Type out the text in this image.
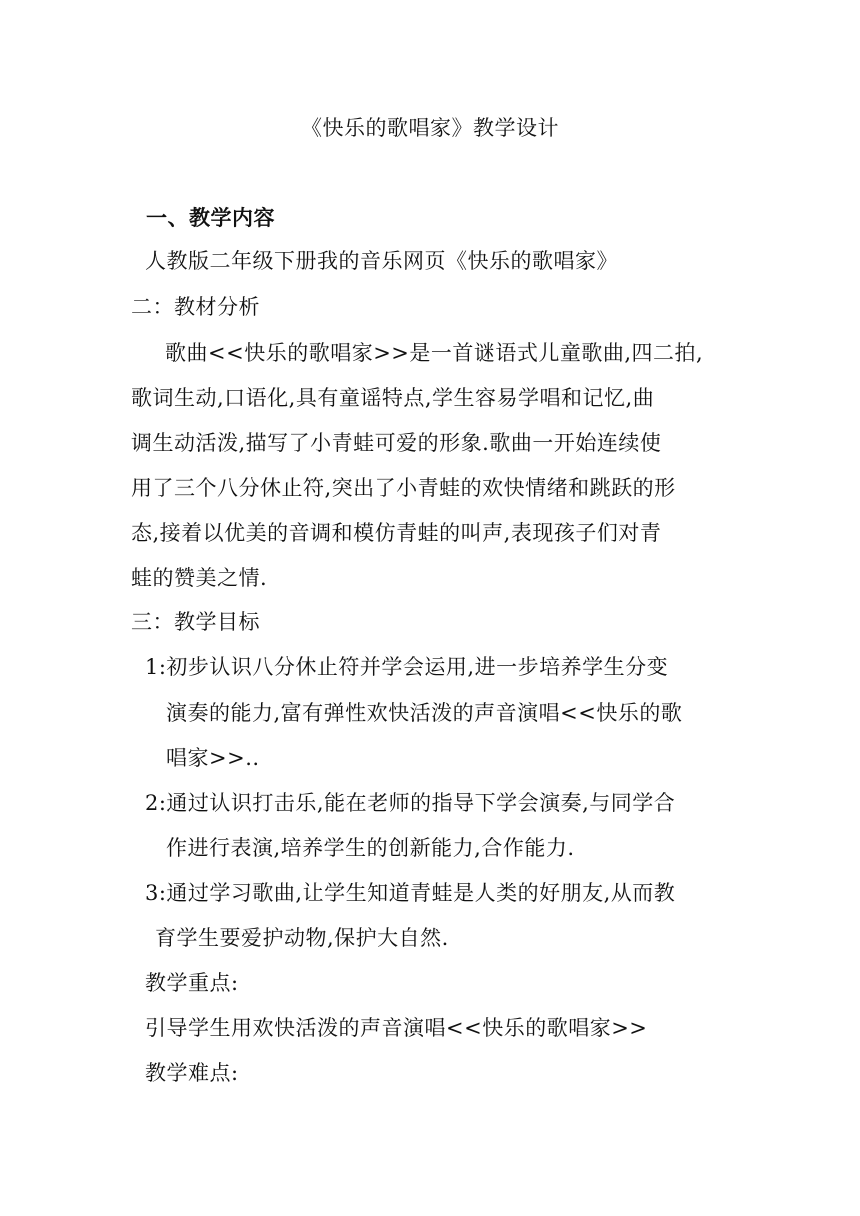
《快乐的歌唱家》教学设计
一、教学内容
人教版二年级下册我的音乐网页《快乐的歌唱家》
二：教材分析
歌曲<<快乐的歌唱家>>是一首谜语式儿童歌曲,四二拍,
歌词生动,口语化,具有童谣特点,学生容易学唱和记忆,曲
调生动活泼,描写了小青蛙可爱的形象.歌曲一开始连续使
用了三个八分休止符,突出了小青蛙的欢快情绪和跳跃的形
态,接着以优美的音调和模仿青蛙的叫声,表现孩子们对青
蛙的赞美之情.
三：教学目标
1:初步认识八分休止符并学会运用,进一步培养学生分变
演奏的能力,富有弹性欢快活泼的声音演唱<<快乐的歌
唱家>>..
2:通过认识打击乐,能在老师的指导下学会演奏,与同学合
作进行表演,培养学生的创新能力,合作能力.
3:通过学习歌曲,让学生知道青蛙是人类的好朋友,从而教
育学生要爱护动物,保护大自然.
教学重点:
引导学生用欢快活泼的声音演唱<<快乐的歌唱家>>
教学难点:
